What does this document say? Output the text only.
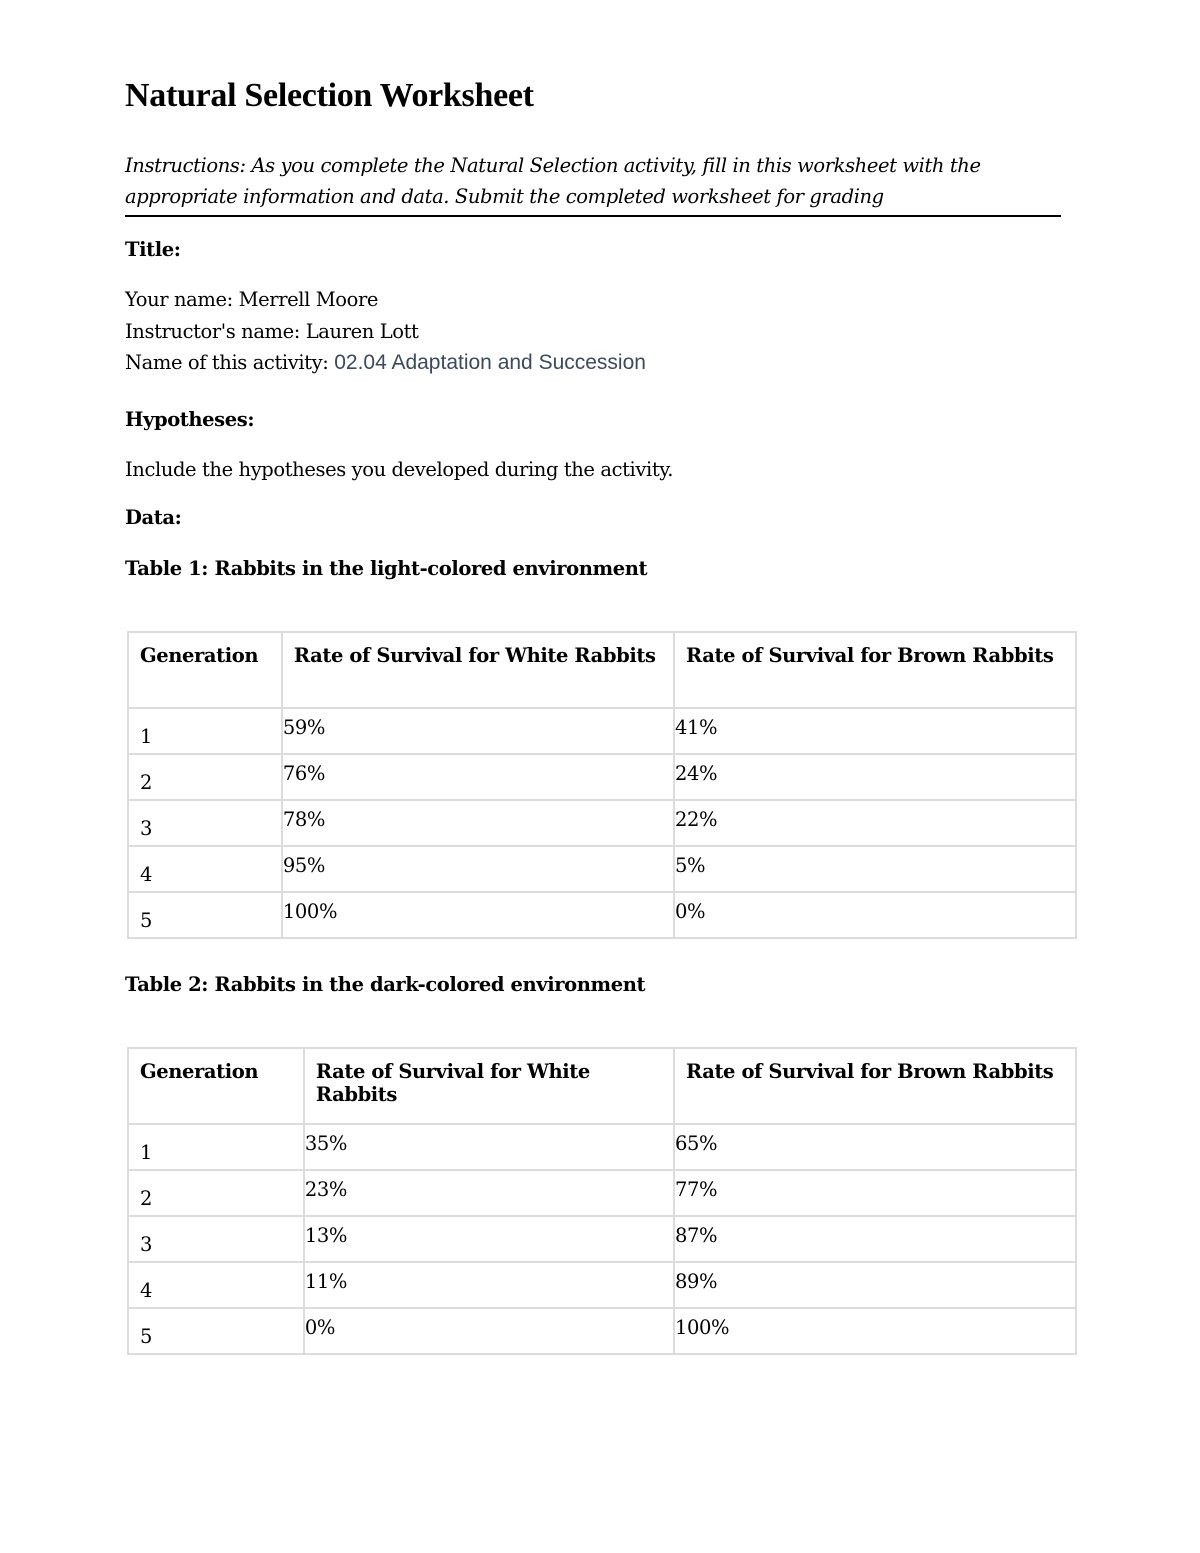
Natural Selection Worksheet
Instructions: As you complete the Natural Selection activity, fill in this worksheet with the appropriate information and data. Submit the completed worksheet for grading
Title:
Your name: Merrell Moore
Instructor's name: Lauren Lott
Name of this activity: 02.04 Adaptation and Succession
Hypotheses:
Include the hypotheses you developed during the activity.
Data:
Table 1: Rabbits in the light-colored environment
Generation	Rate of Survival for White Rabbits	Rate of Survival for Brown Rabbits
1	59%	41%
2	76%	24%
3	78%	22%
4	95%	5%
5	100%	0%
Table 2: Rabbits in the dark-colored environment
Generation	Rate of Survival for White Rabbits	Rate of Survival for Brown Rabbits
1	35%	65%
2	23%	77%
3	13%	87%
4	11%	89%
5	0%	100%
